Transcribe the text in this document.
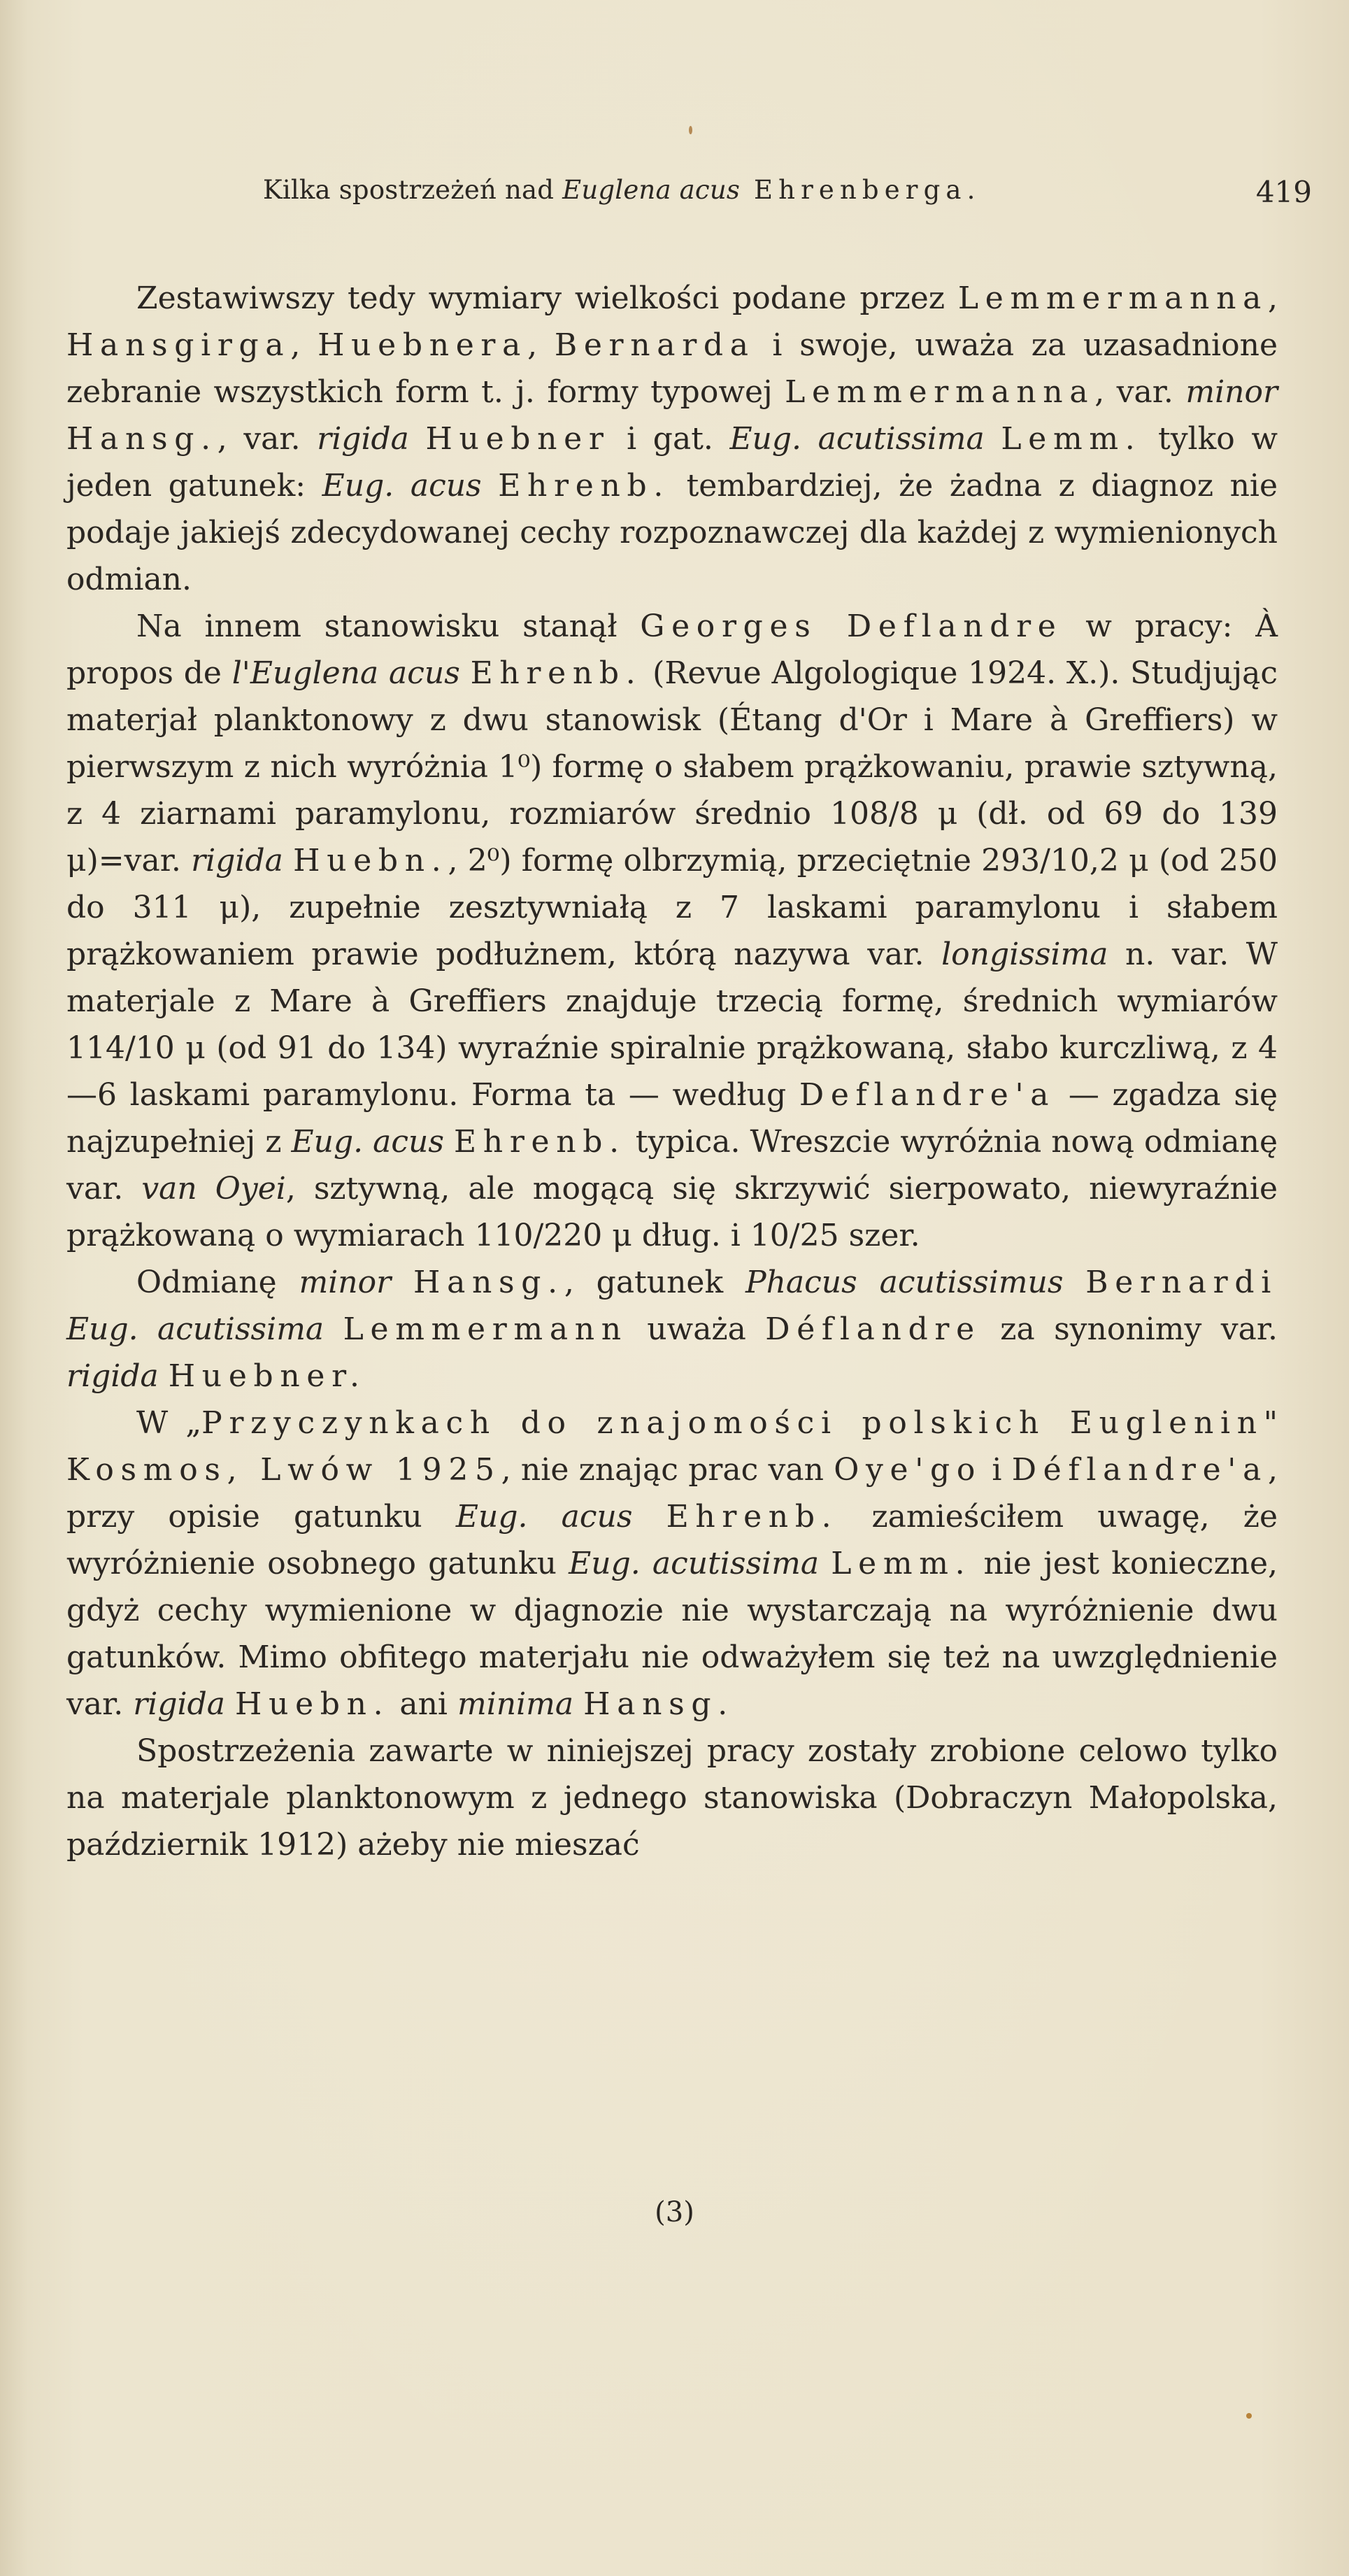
Kilka spostrzeżeń nad Euglena acus Ehrenberga.	419

Zestawiwszy tedy wymiary wielkości podane przez Lemmermanna, Hansgirga, Huebnera, Bernarda i swoje, uważa za uzasadnione zebranie wszystkich form t. j. formy typowej Lemmermanna, var. minor Hansg., var. rigida Huebner i gat. Eug. acutissima Lemm. tylko w jeden gatunek: Eug. acus Ehrenb. tembardziej, że żadna z diagnoz nie podaje jakiejś zdecydowanej cechy rozpoznawczej dla każdej z wymienionych odmian.

Na innem stanowisku stanął Georges Deflandre w pracy: À propos de l'Euglena acus Ehrenb. (Revue Algologique 1924. X.). Studjując materjał planktonowy z dwu stanowisk (Étang d'Or i Mare à Greffiers) w pierwszym z nich wyróżnia 1⁰) formę o słabem prążkowaniu, prawie sztywną, z 4 ziarnami paramylonu, rozmiarów średnio 108/8 μ (dł. od 69 do 139 μ)=var. rigida Huebn., 2⁰) formę olbrzymią, przeciętnie 293/10,2 μ (od 250 do 311 μ), zupełnie zesztywniałą z 7 laskami paramylonu i słabem prążkowaniem prawie podłużnem, którą nazywa var. longissima n. var. W materjale z Mare à Greffiers znajduje trzecią formę, średnich wymiarów 114/10 μ (od 91 do 134) wyraźnie spiralnie prążkowaną, słabo kurczliwą, z 4—6 laskami paramylonu. Forma ta — według Deflandre'a — zgadza się najzupełniej z Eug. acus Ehrenb. typica. Wreszcie wyróżnia nową odmianę var. van Oyei, sztywną, ale mogącą się skrzywić sierpowato, niewyraźnie prążkowaną o wymiarach 110/220 μ dług. i 10/25 szer.

Odmianę minor Hansg., gatunek Phacus acutissimus Bernardi Eug. acutissima Lemmermann uważa Déflandre za synonimy var. rigida Huebner.

W „Przyczynkach do znajomości polskich Euglenin" Kosmos, Lwów 1925, nie znając prac van Oye'go i Déflandre'a, przy opisie gatunku Eug. acus Ehrenb. zamieściłem uwagę, że wyróżnienie osobnego gatunku Eug. acutissima Lemm. nie jest konieczne, gdyż cechy wymienione w djagnozie nie wystarczają na wyróżnienie dwu gatunków. Mimo obfitego materjału nie odważyłem się też na uwzględnienie var. rigida Huebn. ani minima Hansg.

Spostrzeżenia zawarte w niniejszej pracy zostały zrobione celowo tylko na materjale planktonowym z jednego stanowiska (Dobraczyn Małopolska, październik 1912) ażeby nie mieszać

(3)
